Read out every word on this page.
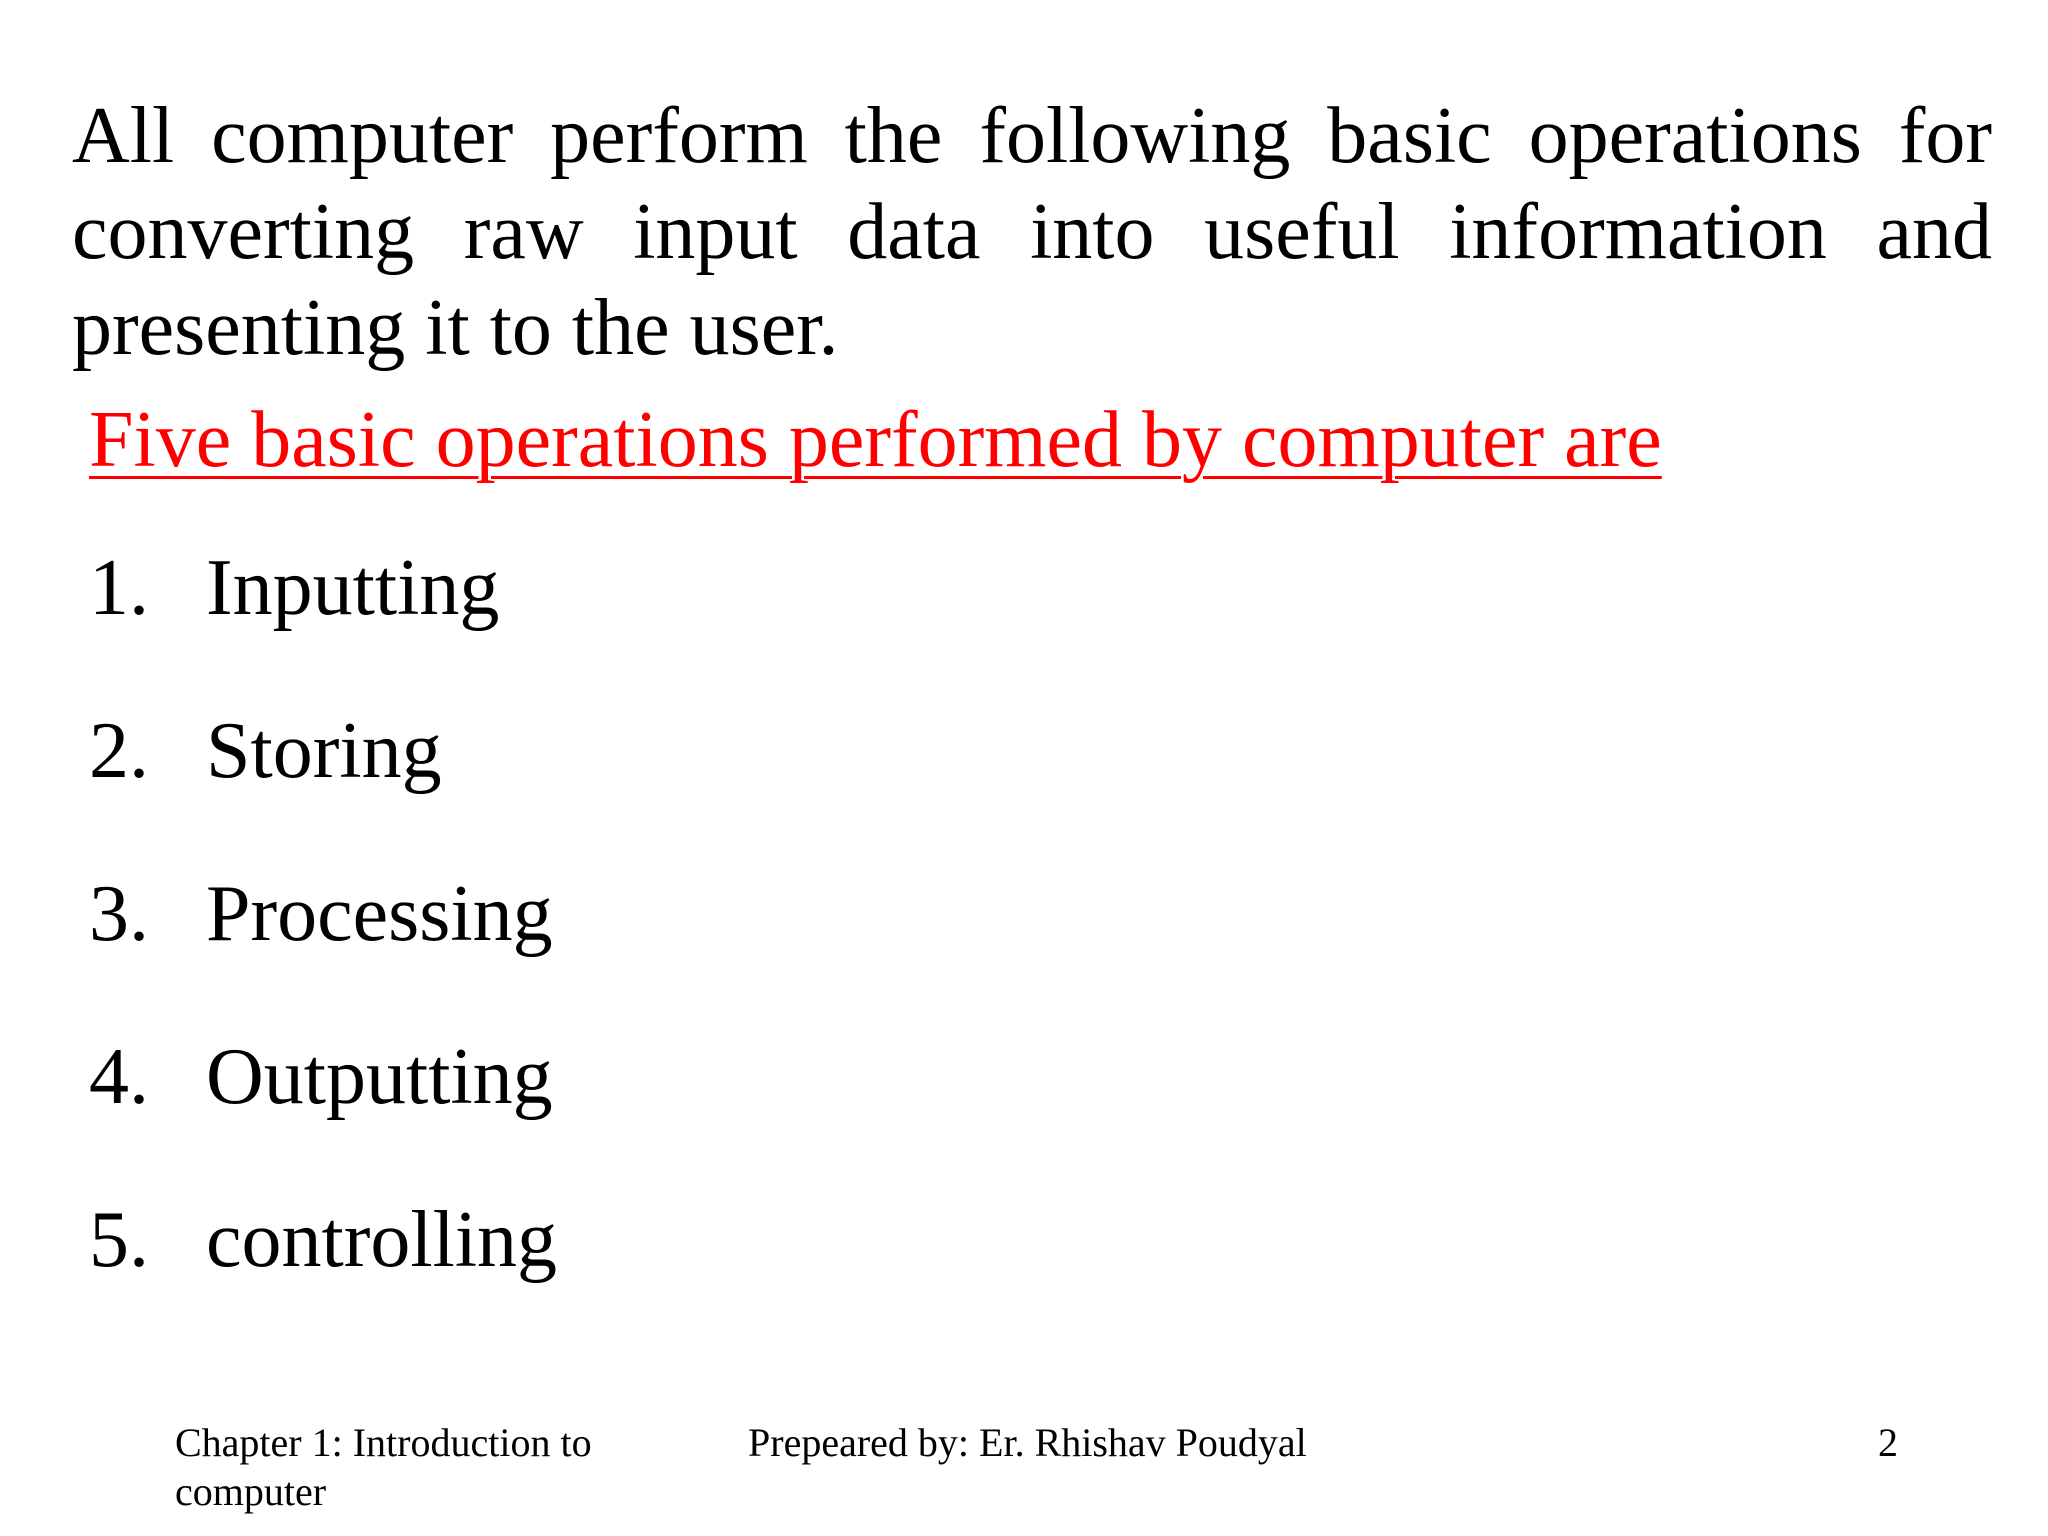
All computer perform the following basic operations for converting raw input data into useful information and presenting it to the user.
Five basic operations performed by computer are
1. Inputting
2. Storing
3. Processing
4. Outputting
5. controlling
Chapter 1: Introduction to computer
Prepeared by: Er. Rhishav Poudyal	2
